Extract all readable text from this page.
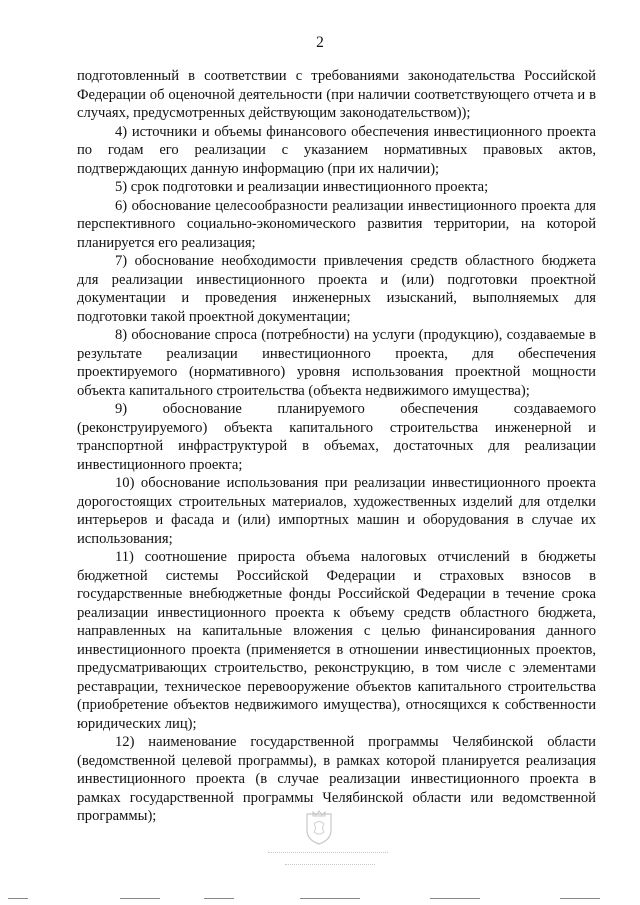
2

подготовленный в соответствии с требованиями законодательства Российской Федерации об оценочной деятельности (при наличии соответствующего отчета и в случаях, предусмотренных действующим законодательством));

4) источники и объемы финансового обеспечения инвестиционного проекта по годам его реализации с указанием нормативных правовых актов, подтверждающих данную информацию (при их наличии);

5) срок подготовки и реализации инвестиционного проекта;

6) обоснование целесообразности реализации инвестиционного проекта для перспективного социально-экономического развития территории, на которой планируется его реализация;

7) обоснование необходимости привлечения средств областного бюджета для реализации инвестиционного проекта и (или) подготовки проектной документации и проведения инженерных изысканий, выполняемых для подготовки такой проектной документации;

8) обоснование спроса (потребности) на услуги (продукцию), создаваемые в результате реализации инвестиционного проекта, для обеспечения проектируемого (нормативного) уровня использования проектной мощности объекта капитального строительства (объекта недвижимого имущества);

9) обоснование планируемого обеспечения создаваемого (реконструируемого) объекта капитального строительства инженерной и транспортной инфраструктурой в объемах, достаточных для реализации инвестиционного проекта;

10) обоснование использования при реализации инвестиционного проекта дорогостоящих строительных материалов, художественных изделий для отделки интерьеров и фасада и (или) импортных машин и оборудования в случае их использования;

11) соотношение прироста объема налоговых отчислений в бюджеты бюджетной системы Российской Федерации и страховых взносов в государственные внебюджетные фонды Российской Федерации в течение срока реализации инвестиционного проекта к объему средств областного бюджета, направленных на капитальные вложения с целью финансирования данного инвестиционного проекта (применяется в отношении инвестиционных проектов, предусматривающих строительство, реконструкцию, в том числе с элементами реставрации, техническое перевооружение объектов капитального строительства (приобретение объектов недвижимого имущества), относящихся к собственности юридических лиц);

12) наименование государственной программы Челябинской области (ведомственной целевой программы), в рамках которой планируется реализация инвестиционного проекта (в случае реализации инвестиционного проекта в рамках государственной программы Челябинской области или ведомственной программы);
